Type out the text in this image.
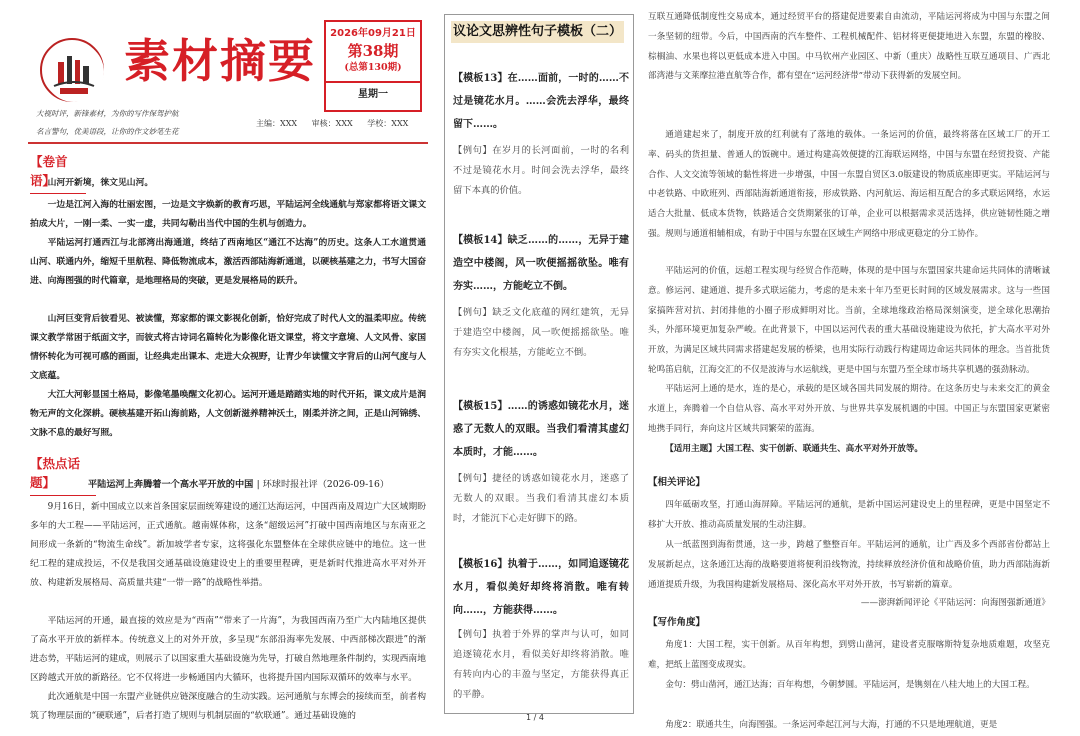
素材摘要
2026年09月21日
第38期
(总第130期)
星期一
大视时评，新锋素材，为你的写作保驾护航
名言警句，优美语段，让你的作文妙笔生花
主编：XXX 审核：XXX 学校：XXX
【卷首语】
山河开新境，徕文见山河。
一边是江河入海的壮丽宏图，一边是文字焕新的教育巧思，平陆运河全线通航与郑家都将语文课文拍成大片，一刚一柔、一实一虚，共同勾勒出当代中国的生机与创造力。
平陆运河打通西江与北部湾出海通道，终结了西南地区“通江不达海”的历史。这条人工水道贯通山河、联通内外，缩短千里航程、降低物流成本，激活西部陆海新通道，以硬核基建之力，书写大国奋进、向海图强的时代篇章，是地理格局的突破，更是发展格局的跃升。
山河巨变背后彼看见、被读懂，郑家都的课文影视化创新，恰好完成了时代人文的温柔叩应。传统课文教学常困于纸面文字，而彼式将古诗词名篇转化为影像化语文课堂，将文字意境、人文风骨、家国情怀转化为可视可感的画面，让经典走出课本、走进大众视野，让青少年读懂文字背后的山河气度与人文底蕴。
大江大河彰显国土格局，影像笔墨唤醒文化初心。运河开通是踏踏实地的时代开拓，课文成片是润物无声的文化深耕。硬核基建开拓山海前路，人文创新滋养精神沃土，刚柔并济之间，正是山河锦绣、文脉不息的最好写照。
【热点话题】	平陆运河上奔腾着一个高水平开放的中国 | 环球时报社评（2026-09-16）
9月16日，新中国成立以来首条国家层面统筹建设的通江达海运河，中国西南及周边广大区域期盼多年的大工程——平陆运河，正式通航。越南媒体称，这条“超级运河”打破中国西南地区与东南亚之间形成一条新的“物流生命线”。新加坡学者专家，这将强化东盟整体在全球供应链中的地位。这一世纪工程的建成投运，不仅是我国交通基础设施建设史上的重要里程碑，更是新时代推进高水平对外开放、构建新发展格局、高质量共建“一带一路”的战略性举措。
平陆运河的开通，最直接的效应是为“西南”“带来了一片海”，为我国西南乃至广大内陆地区提供了高水平开放的新样本。传统意义上的对外开放，多呈现“东部沿海率先发展、中西部梯次跟进”的渐进态势，平陆运河的建成，则展示了以国家重大基础设施为先导，打破自然地理条件制约，实现西南地区跨越式开放的新路径。它不仅将进一步畅通国内大循环，也将提升国内国际双循环的效率与水平。
此次通航是中国一东盟产业链供应链深度融合的生动实践。运河通航与东博会的接续而至，前者构筑了物理层面的“硬联通”，后者打造了规则与机制层面的“软联通”。通过基础设施的
议论文思辨性句子模板（二）
【模板13】在……面前，一时的……不过是镜花水月。……会洗去浮华，最终留下……。
【例句】在岁月的长河面前，一时的名利不过是镜花水月。时间会洗去浮华，最终留下本真的价值。
【模板14】缺乏……的……，无异于建造空中楼阁，风一吹便摇摇欲坠。唯有夯实……，方能屹立不倒。
【例句】缺乏文化底蕴的网红建筑，无异于建造空中楼阁，风一吹便摇摇欲坠。唯有夯实文化根基，方能屹立不倒。
【模板15】……的诱惑如镜花水月，迷惑了无数人的双眼。当我们看清其虚幻本质时，才能……。
【例句】捷径的诱惑如镜花水月，迷惑了无数人的双眼。当我们看清其虚幻本质时，才能沉下心走好脚下的路。
【模板16】执着于……，如同追逐镜花水月，看似美好却终将消散。唯有转向……，方能获得……。
【例句】执着于外界的掌声与认可，如同追逐镜花水月，看似美好却终将消散。唯有转向内心的丰盈与坚定，方能获得真正的平静。
互联互通降低制度性交易成本，通过经贸平台的搭建促进要素自由流动，平陆运河将成为中国与东盟之间一条坚韧的纽带。今后，中国西南的汽车整件、工程机械配件、铝材将更便捷地进入东盟，东盟的橡胶、棕榈油、水果也将以更低成本进入中国。中马钦州产业园区、中新（重庆）战略性互联互通项目、广西北部湾港与文莱摩拉港直航等合作，都有望在“运河经济带”带动下获得新的发展空间。
通道建起来了，制度开放的红利就有了落地的载体。一条运河的价值，最终将落在区域工厂的开工率、码头的货担量、普通人的饭碗中。通过构建高效便捷的江海联运网络，中国与东盟在经贸投资、产能合作、人文交流等领域的黏性将进一步增强，中国一东盟自贸区3.0版建设的物质底座即更实。平陆运河与中老铁路、中欧班列、西部陆海新通道衔接，形成铁路、内河航运、海运相互配合的多式联运网络，水运适合大批量、低成本货物，铁路适合交货期紧张的订单，企业可以根据需求灵活选择，供应链韧性随之增强。规则与通道相辅相成，有助于中国与东盟在区域生产网络中形成更稳定的分工协作。
平陆运河的价值，远超工程实现与经贸合作范畴，体现的是中国与东盟国家共建命运共同体的清晰诚意。修运河、建通道、提升多式联运能力，考虑的是未来十年乃至更长时间的区域发展需求。这与一些国家搞阵营对抗、封闭排他的小圈子形成鲜明对比。当前，全球地缘政治格局深刻演变，逆全球化思潮抬头，外部环境更加复杂严峻。在此背景下，中国以运河代表的重大基础设施建设为依托，扩大高水平对外开放，为满足区域共同需求搭建起发展的桥梁，也用实际行动践行构建周边命运共同体的理念。当首批货轮鸣笛启航，江海交汇的不仅是波涛与水运航线，更是中国与东盟乃至全球市场共享机遇的强劲脉动。
平陆运河上通的是水，连的是心，承载的是区域各国共同发展的期待。在这条历史与未来交汇的黄金水道上，奔腾着一个自信从容、高水平对外开放、与世界共享发展机遇的中国。中国正与东盟国家更紧密地携手同行，奔向这片区域共同繁荣的蓝海。
【适用主题】大国工程、实干创新、联通共生、高水平对外开放等。
【相关评论】
四年砥砺攻坚，打通山海屏障。平陆运河的通航，是新中国运河建设史上的里程碑，更是中国坚定不移扩大开放、推动高质量发展的生动注脚。
从一纸蓝图到海衔贯通，这一步，跨越了整整百年。平陆运河的通航，让广西及多个西部省份都站上发展新起点，这条通江达海的战略要道将便利沿线物流，持续释放经济价值和战略价值，助力西部陆海新通道提质升级，为我国构建新发展格局、深化高水平对外开放，书写崭新的篇章。
——澎湃新闻评论《平陆运河：向海图强新通道》
【写作角度】
角度1：大国工程，实干创新。从百年构想，到劈山凿河，建设者克服喀斯特复杂地质难题，攻坚克难，把纸上蓝图变成现实。
金句：劈山凿河，通江达海；百年构想，今朝梦圆。平陆运河，是镌刻在八桂大地上的大国工程。
角度2：联通共生，向海图强。一条运河牵起江河与大海，打通的不只是地理航道，更是
1 / 4
